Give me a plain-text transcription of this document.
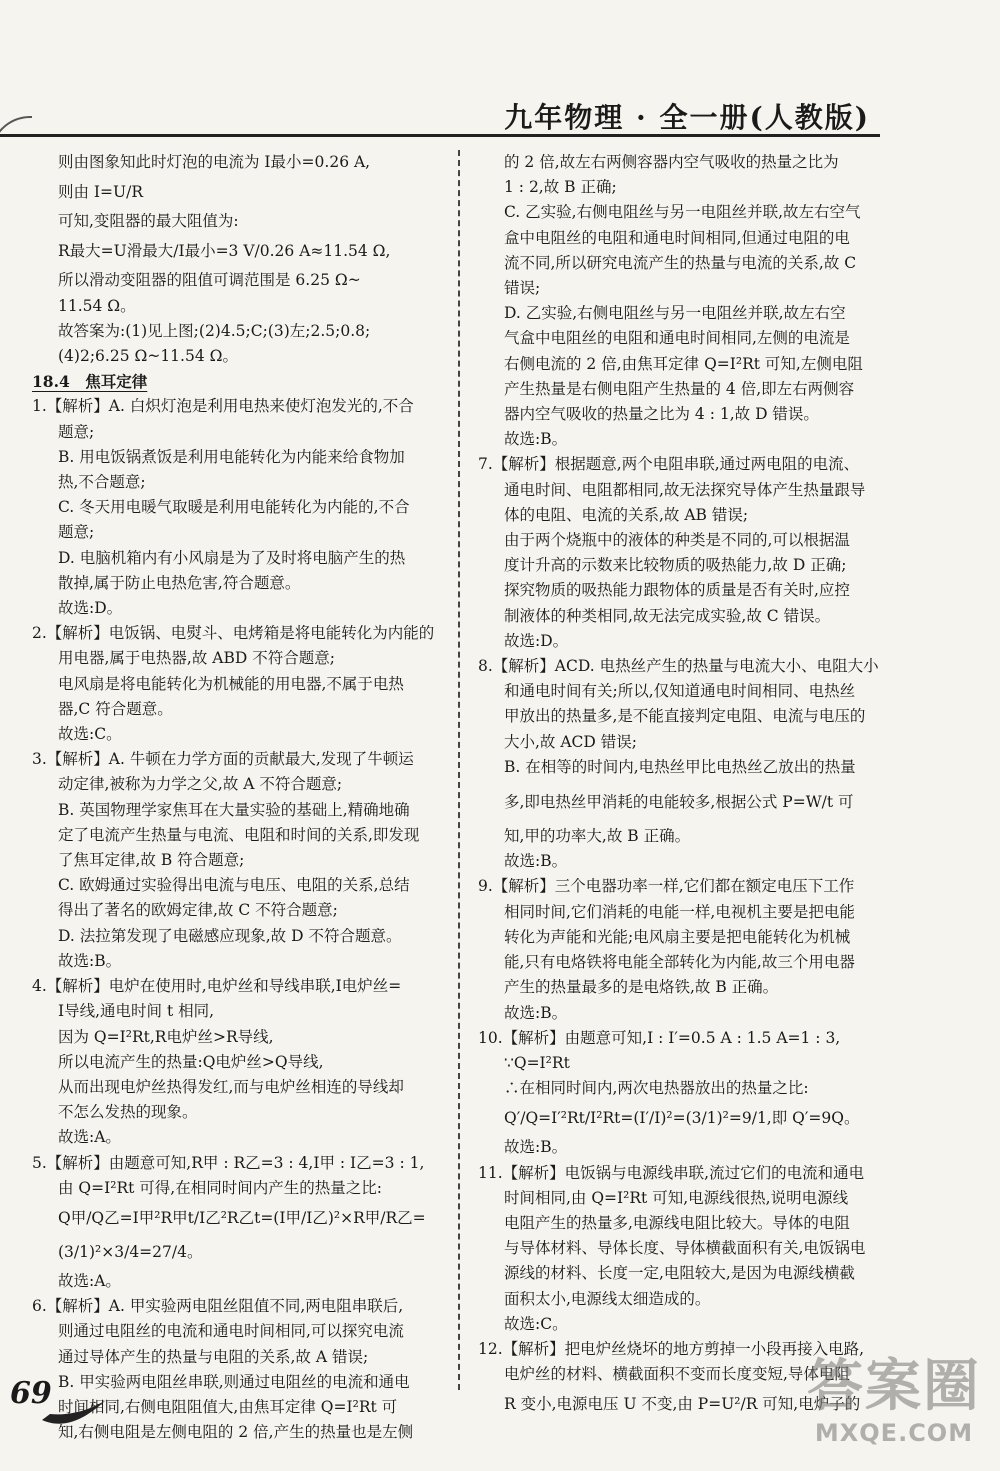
九年物理 · 全一册(人教版)

则由图象知此时灯泡的电流为 I最小=0.26 A,

则由 I=U/R

可知,变阻器的最大阻值为:

R最大=U滑最大/I最小=3 V/0.26 A≈11.54 Ω,

所以滑动变阻器的阻值可调范围是 6.25 Ω~

11.54 Ω。

故答案为:(1)见上图;(2)4.5;C;(3)左;2.5;0.8;

(4)2;6.25 Ω~11.54 Ω。

18.4　焦耳定律

1.【解析】A. 白炽灯泡是利用电热来使灯泡发光的,不合

题意;

B. 用电饭锅煮饭是利用电能转化为内能来给食物加

热,不合题意;

C. 冬天用电暖气取暖是利用电能转化为内能的,不合

题意;

D. 电脑机箱内有小风扇是为了及时将电脑产生的热

散掉,属于防止电热危害,符合题意。

故选:D。

2.【解析】电饭锅、电熨斗、电烤箱是将电能转化为内能的

用电器,属于电热器,故 ABD 不符合题意;

电风扇是将电能转化为机械能的用电器,不属于电热

器,C 符合题意。

故选:C。

3.【解析】A. 牛顿在力学方面的贡献最大,发现了牛顿运

动定律,被称为力学之父,故 A 不符合题意;

B. 英国物理学家焦耳在大量实验的基础上,精确地确

定了电流产生热量与电流、电阻和时间的关系,即发现

了焦耳定律,故 B 符合题意;

C. 欧姆通过实验得出电流与电压、电阻的关系,总结

得出了著名的欧姆定律,故 C 不符合题意;

D. 法拉第发现了电磁感应现象,故 D 不符合题意。

故选:B。

4.【解析】电炉在使用时,电炉丝和导线串联,I电炉丝=

I导线,通电时间 t 相同,

因为 Q=I²Rt,R电炉丝>R导线,

所以电流产生的热量:Q电炉丝>Q导线,

从而出现电炉丝热得发红,而与电炉丝相连的导线却

不怎么发热的现象。

故选:A。

5.【解析】由题意可知,R甲 : R乙=3 : 4,I甲 : I乙=3 : 1,

由 Q=I²Rt 可得,在相同时间内产生的热量之比:

Q甲/Q乙=I甲²R甲t/I乙²R乙t=(I甲/I乙)²×R甲/R乙=(3/1)²×3/4=27/4。

故选:A。

6.【解析】A. 甲实验两电阻丝阻值不同,两电阻串联后,

则通过电阻丝的电流和通电时间相同,可以探究电流

通过导体产生的热量与电阻的关系,故 A 错误;

B. 甲实验两电阻丝串联,则通过电阻丝的电流和通电

时间相同,右侧电阻阻值大,由焦耳定律 Q=I²Rt 可

知,右侧电阻是左侧电阻的 2 倍,产生的热量也是左侧

的 2 倍,故左右两侧容器内空气吸收的热量之比为

1 : 2,故 B 正确;

C. 乙实验,右侧电阻丝与另一电阻丝并联,故左右空气

盒中电阻丝的电阻和通电时间相同,但通过电阻的电

流不同,所以研究电流产生的热量与电流的关系,故 C

错误;

D. 乙实验,右侧电阻丝与另一电阻丝并联,故左右空

气盒中电阻丝的电阻和通电时间相同,左侧的电流是

右侧电流的 2 倍,由焦耳定律 Q=I²Rt 可知,左侧电阻

产生热量是右侧电阻产生热量的 4 倍,即左右两侧容

器内空气吸收的热量之比为 4 : 1,故 D 错误。

故选:B。

7.【解析】根据题意,两个电阻串联,通过两电阻的电流、

通电时间、电阻都相同,故无法探究导体产生热量跟导

体的电阻、电流的关系,故 AB 错误;

由于两个烧瓶中的液体的种类是不同的,可以根据温

度计升高的示数来比较物质的吸热能力,故 D 正确;

探究物质的吸热能力跟物体的质量是否有关时,应控

制液体的种类相同,故无法完成实验,故 C 错误。

故选:D。

8.【解析】ACD. 电热丝产生的热量与电流大小、电阻大小

和通电时间有关;所以,仅知道通电时间相同、电热丝

甲放出的热量多,是不能直接判定电阻、电流与电压的

大小,故 ACD 错误;

B. 在相等的时间内,电热丝甲比电热丝乙放出的热量

多,即电热丝甲消耗的电能较多,根据公式 P=W/t 可

知,甲的功率大,故 B 正确。

故选:B。

9.【解析】三个电器功率一样,它们都在额定电压下工作

相同时间,它们消耗的电能一样,电视机主要是把电能

转化为声能和光能;电风扇主要是把电能转化为机械

能,只有电烙铁将电能全部转化为内能,故三个用电器

产生的热量最多的是电烙铁,故 B 正确。

故选:B。

10.【解析】由题意可知,I : I′=0.5 A : 1.5 A=1 : 3,

∵Q=I²Rt

∴在相同时间内,两次电热器放出的热量之比:

Q′/Q=I′²Rt/I²Rt=(I′/I)²=(3/1)²=9/1,即 Q′=9Q。

故选:B。

11.【解析】电饭锅与电源线串联,流过它们的电流和通电

时间相同,由 Q=I²Rt 可知,电源线很热,说明电源线

电阻产生的热量多,电源线电阻比较大。导体的电阻

与导体材料、导体长度、导体横截面积有关,电饭锅电

源线的材料、长度一定,电阻较大,是因为电源线横截

面积太小,电源线太细造成的。

故选:C。

12.【解析】把电炉丝烧坏的地方剪掉一小段再接入电路,

电炉丝的材料、横截面积不变而长度变短,导体电阻

R 变小,电源电压 U 不变,由 P=U²/R 可知,电炉子的

69	答案圈
MXQE.COM
